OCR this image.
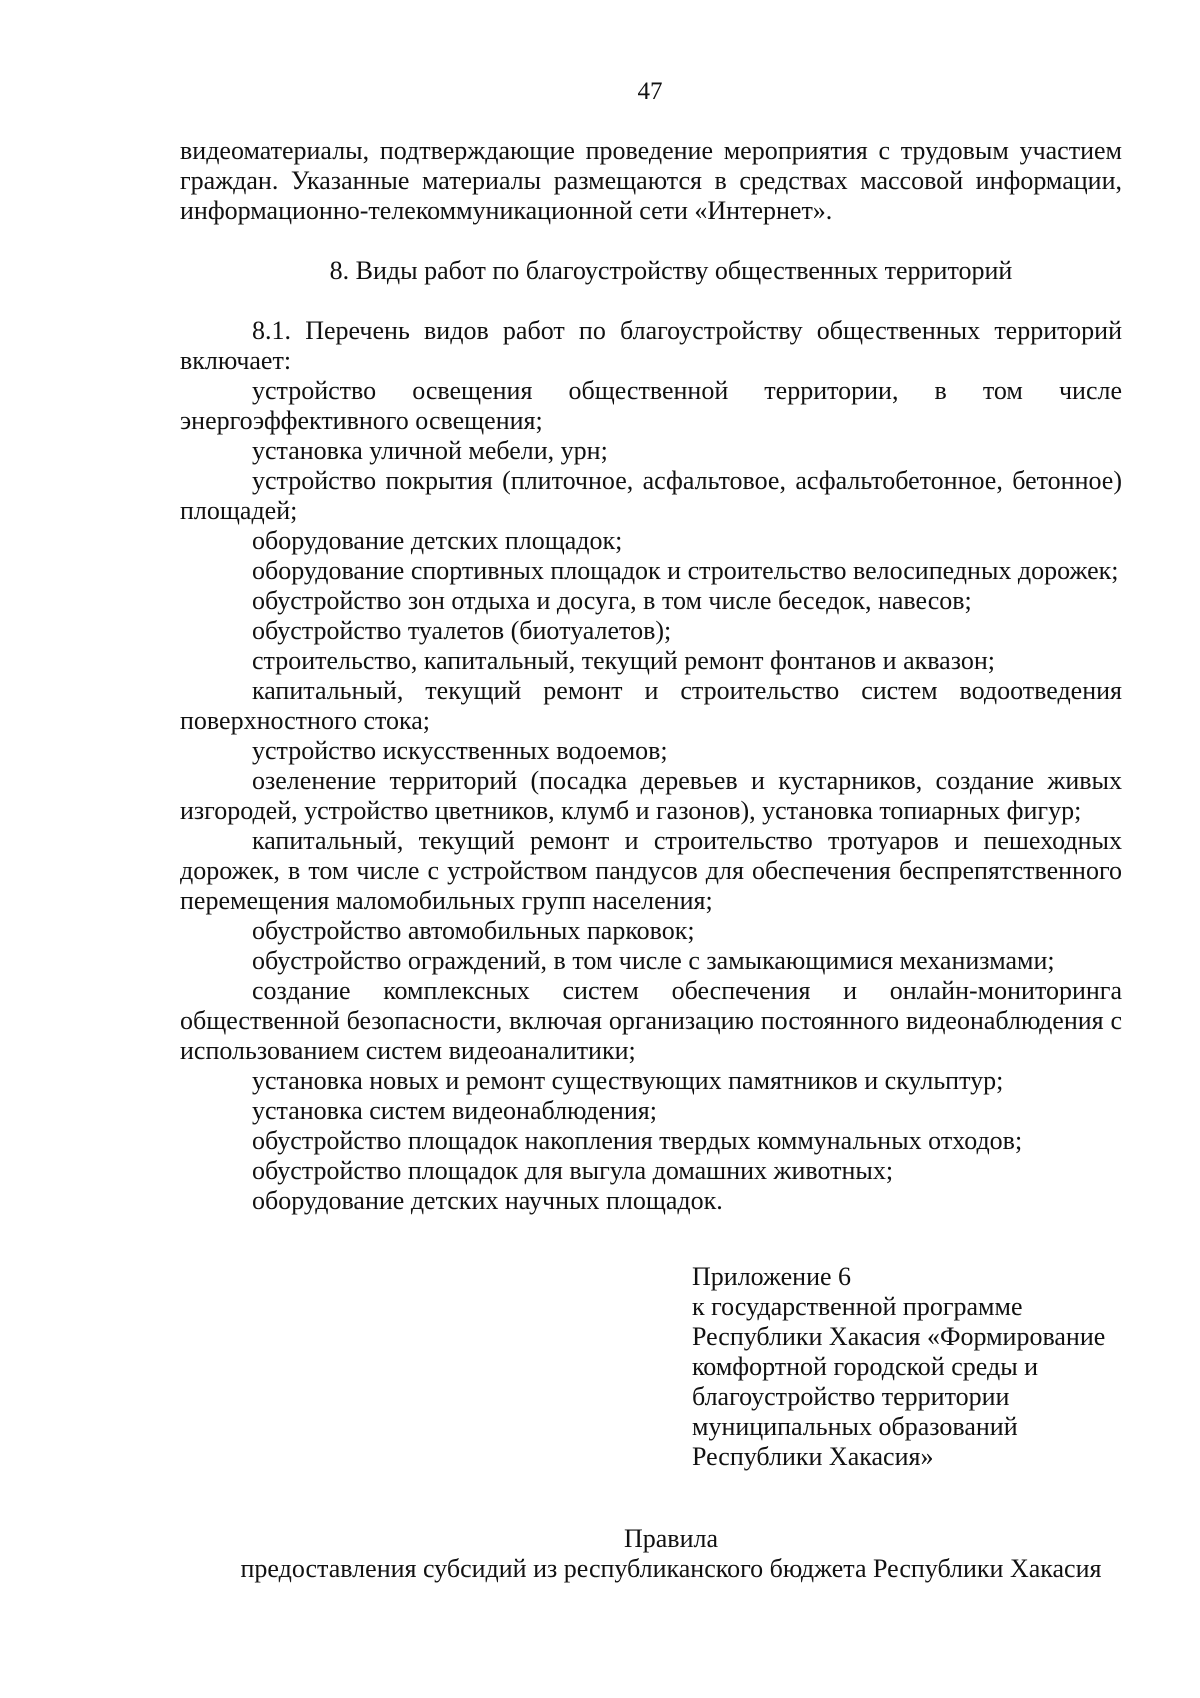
47

видеоматериалы, подтверждающие проведение мероприятия с трудовым участием граждан. Указанные материалы размещаются в средствах массовой информации, информационно-телекоммуникационной сети «Интернет».

8. Виды работ по благоустройству общественных территорий

8.1. Перечень видов работ по благоустройству общественных территорий включает:

устройство освещения общественной территории, в том числе энергоэффективного освещения;

установка уличной мебели, урн;

устройство покрытия (плиточное, асфальтовое, асфальтобетонное, бетонное) площадей;

оборудование детских площадок;

оборудование спортивных площадок и строительство велосипедных дорожек;

обустройство зон отдыха и досуга, в том числе беседок, навесов;

обустройство туалетов (биотуалетов);

строительство, капитальный, текущий ремонт фонтанов и аквазон;

капитальный, текущий ремонт и строительство систем водоотведения поверхностного стока;

устройство искусственных водоемов;

озеленение территорий (посадка деревьев и кустарников, создание живых изгородей, устройство цветников, клумб и газонов), установка топиарных фигур;

капитальный, текущий ремонт и строительство тротуаров и пешеходных дорожек, в том числе с устройством пандусов для обеспечения беспрепятственного перемещения маломобильных групп населения;

обустройство автомобильных парковок;

обустройство ограждений, в том числе с замыкающимися механизмами;

создание комплексных систем обеспечения и онлайн-мониторинга общественной безопасности, включая организацию постоянного видеонаблюдения с использованием систем видеоаналитики;

установка новых и ремонт существующих памятников и скульптур;

установка систем видеонаблюдения;

обустройство площадок накопления твердых коммунальных отходов;

обустройство площадок для выгула домашних животных;

оборудование детских научных площадок.

Приложение 6
к государственной программе
Республики Хакасия «Формирование
комфортной городской среды и
благоустройство территории
муниципальных образований
Республики Хакасия»
Правила
предоставления субсидий из республиканского бюджета Республики Хакасия
